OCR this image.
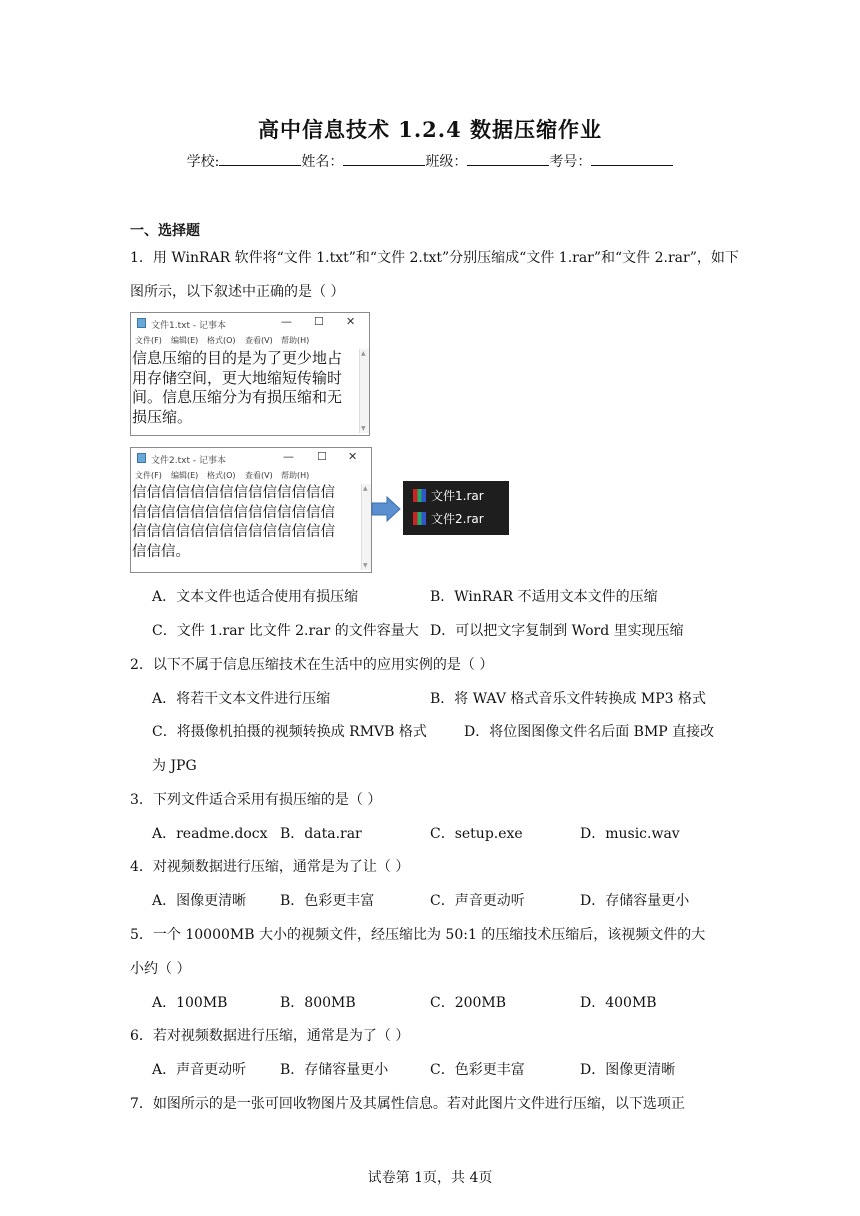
高中信息技术 1.2.4 数据压缩作业
学校:	姓名：	班级：	考号：
一、选择题
1．用 WinRAR 软件将“文件 1.txt”和“文件 2.txt”分别压缩成“文件 1.rar”和“文件 2.rar”，如下
图所示，以下叙述中正确的是（ ）
文件1.txt - 记事本	— ☐ ✕
文件(F) 编辑(E) 格式(O) 查看(V) 帮助(H)
信息压缩的目的是为了更少地占
用存储空间，更大地缩短传输时
间。信息压缩分为有损压缩和无
损压缩。
▲
▼
文件2.txt - 记事本	— ☐ ✕
文件(F) 编辑(E) 格式(O) 查看(V) 帮助(H)
信信信信信信信信信信信信信信
信信信信信信信信信信信信信信
信信信信信信信信信信信信信信
信信信。
▲
▼
文件1.rar
文件2.rar
A．文本文件也适合使用有损压缩	B．WinRAR 不适用文本文件的压缩
C．文件 1.rar 比文件 2.rar 的文件容量大 D．可以把文字复制到 Word 里实现压缩
2．以下不属于信息压缩技术在生活中的应用实例的是（ ）
A．将若干文本文件进行压缩	B．将 WAV 格式音乐文件转换成 MP3 格式
C．将摄像机拍摄的视频转换成 RMVB 格式	D．将位图图像文件名后面 BMP 直接改
为 JPG
3．下列文件适合采用有损压缩的是（ ）
A．readme.docx B．data.rar	C．setup.exe	D．music.wav
4．对视频数据进行压缩，通常是为了让（ ）
A．图像更清晰 B．色彩更丰富	C．声音更动听	D．存储容量更小
5．一个 10000MB 大小的视频文件，经压缩比为 50:1 的压缩技术压缩后，该视频文件的大
小约（ ）
A．100MB	B．800MB	C．200MB	D．400MB
6．若对视频数据进行压缩，通常是为了（ ）
A．声音更动听 B．存储容量更小	C．色彩更丰富	D．图像更清晰
7．如图所示的是一张可回收物图片及其属性信息。若对此图片文件进行压缩，以下选项正
试卷第 1页，共 4页
